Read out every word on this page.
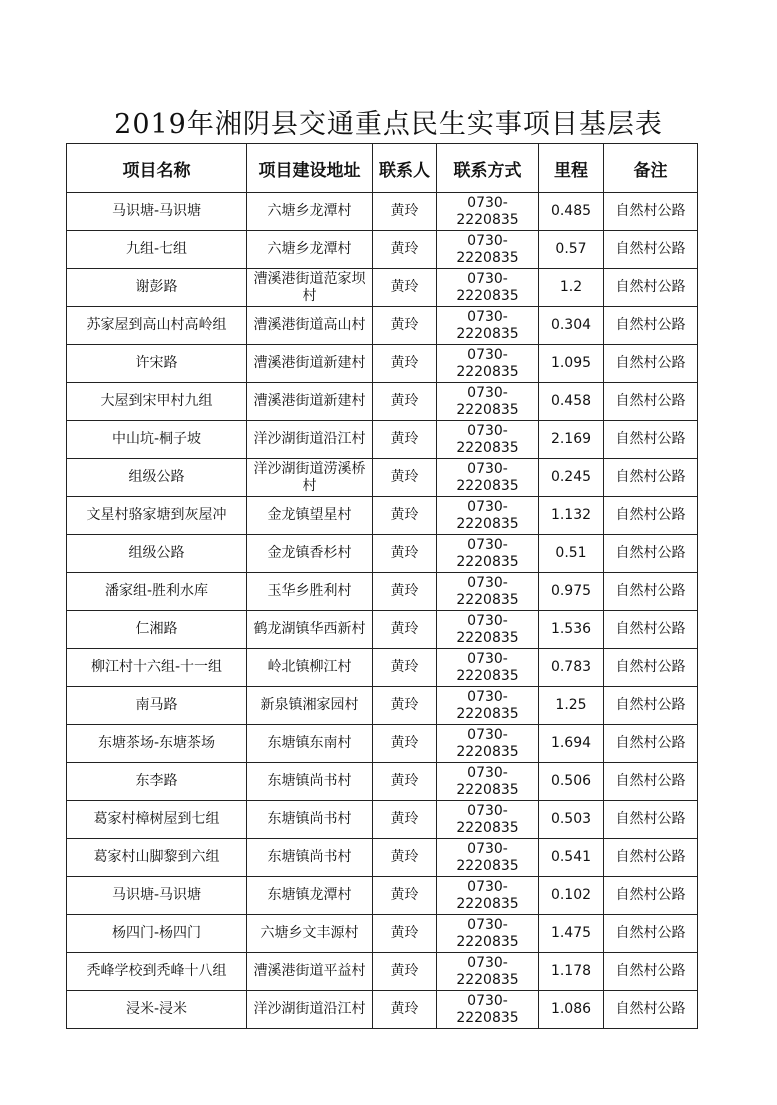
2019年湘阴县交通重点民生实事项目基层表
项目名称	项目建设地址	联系人	联系方式	里程	备注
马识塘-马识塘	六塘乡龙潭村	黄玲	0730-2220835	0.485	自然村公路
九组-七组	六塘乡龙潭村	黄玲	0730-2220835	0.57	自然村公路
谢彭路	漕溪港街道范家坝村	黄玲	0730-2220835	1.2	自然村公路
苏家屋到高山村高岭组	漕溪港街道高山村	黄玲	0730-2220835	0.304	自然村公路
许宋路	漕溪港街道新建村	黄玲	0730-2220835	1.095	自然村公路
大屋到宋甲村九组	漕溪港街道新建村	黄玲	0730-2220835	0.458	自然村公路
中山坑-桐子坡	洋沙湖街道沿江村	黄玲	0730-2220835	2.169	自然村公路
组级公路	洋沙湖街道涝溪桥村	黄玲	0730-2220835	0.245	自然村公路
文星村骆家塘到灰屋冲	金龙镇望星村	黄玲	0730-2220835	1.132	自然村公路
组级公路	金龙镇香杉村	黄玲	0730-2220835	0.51	自然村公路
潘家组-胜利水库	玉华乡胜利村	黄玲	0730-2220835	0.975	自然村公路
仁湘路	鹤龙湖镇华西新村	黄玲	0730-2220835	1.536	自然村公路
柳江村十六组-十一组	岭北镇柳江村	黄玲	0730-2220835	0.783	自然村公路
南马路	新泉镇湘家园村	黄玲	0730-2220835	1.25	自然村公路
东塘茶场-东塘茶场	东塘镇东南村	黄玲	0730-2220835	1.694	自然村公路
东李路	东塘镇尚书村	黄玲	0730-2220835	0.506	自然村公路
葛家村樟树屋到七组	东塘镇尚书村	黄玲	0730-2220835	0.503	自然村公路
葛家村山脚黎到六组	东塘镇尚书村	黄玲	0730-2220835	0.541	自然村公路
马识塘-马识塘	东塘镇龙潭村	黄玲	0730-2220835	0.102	自然村公路
杨四门-杨四门	六塘乡文丰源村	黄玲	0730-2220835	1.475	自然村公路
秃峰学校到秃峰十八组	漕溪港街道平益村	黄玲	0730-2220835	1.178	自然村公路
浸米-浸米	洋沙湖街道沿江村	黄玲	0730-2220835	1.086	自然村公路
